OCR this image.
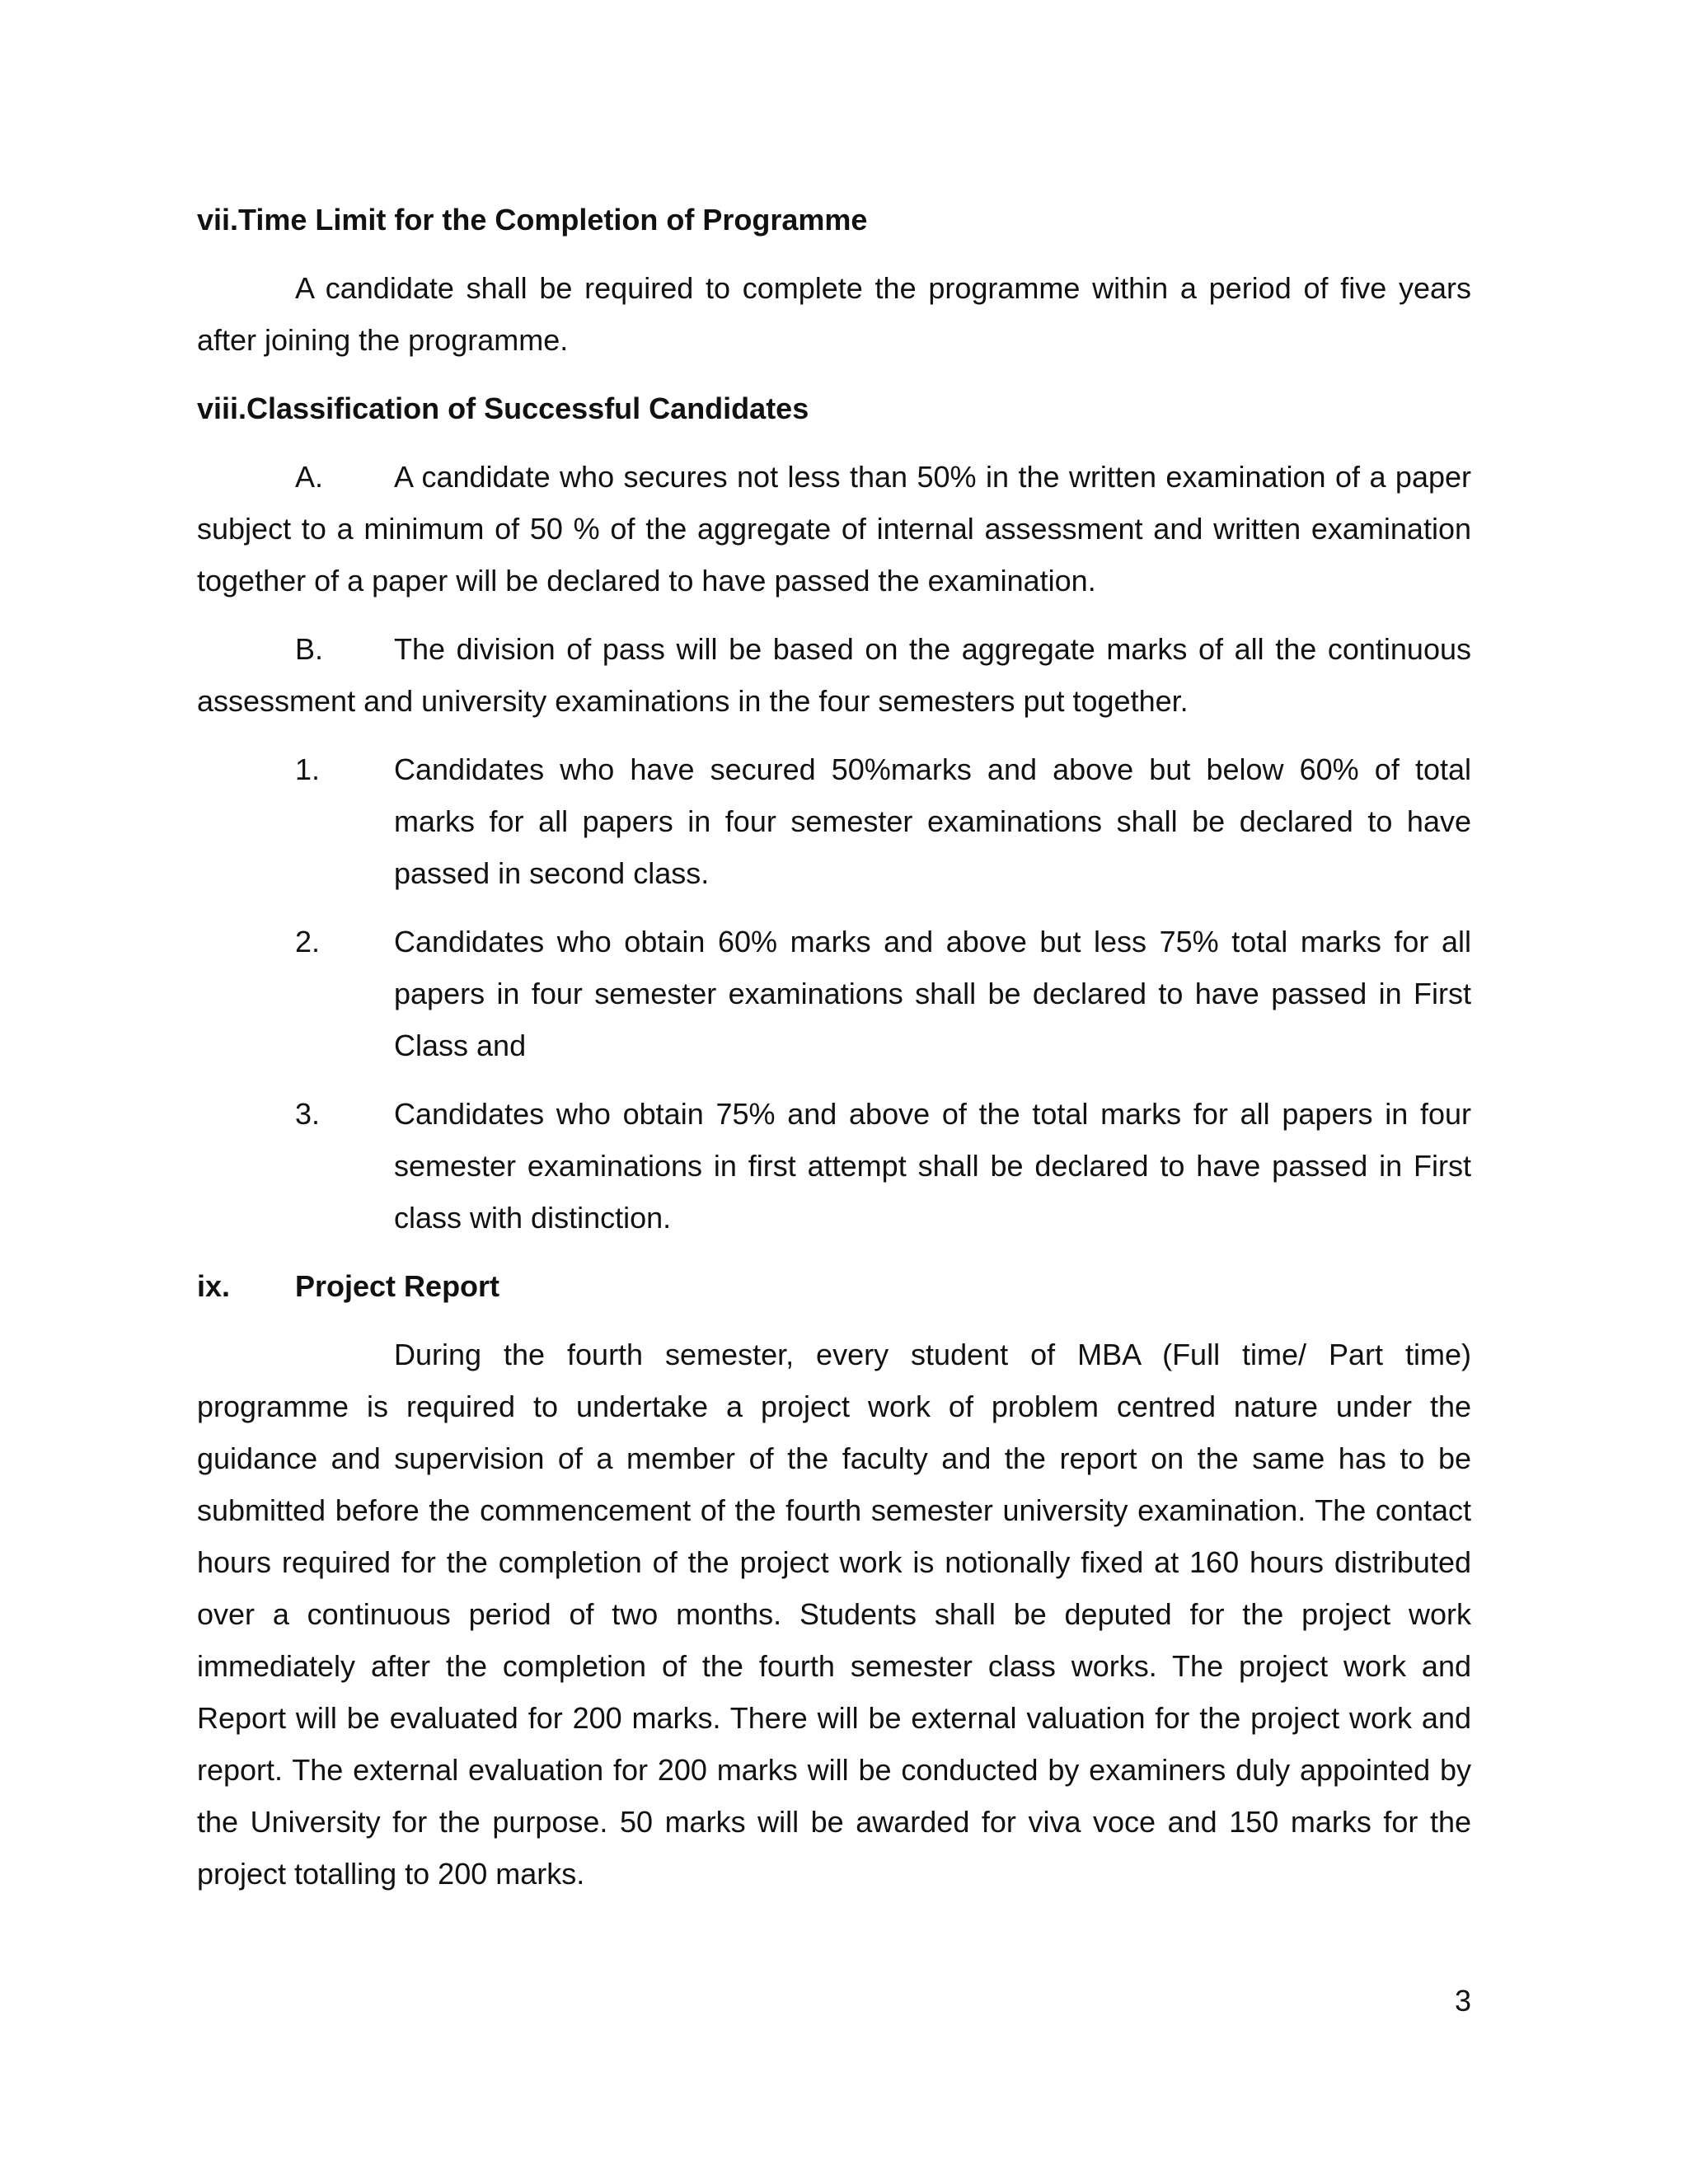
vii.Time Limit for the Completion of Programme
A candidate shall be required to complete the programme within a period of five years after joining the programme.
viii.Classification of Successful Candidates
A. A candidate who secures not less than 50% in the written examination of a paper subject to a minimum of 50 % of the aggregate of internal assessment and written examination together of a paper will be declared to have passed the examination.
B. The division of pass will be based on the aggregate marks of all the continuous assessment and university examinations in the four semesters put together.
1.	Candidates who have secured 50%marks and above but below 60% of total marks for all papers in four semester examinations shall be declared to have passed in second class.
2.	Candidates who obtain 60% marks and above but less 75% total marks for all papers in four semester examinations shall be declared to have passed in First Class and
3.	Candidates who obtain 75% and above of the total marks for all papers in four semester examinations in first attempt shall be declared to have passed in First class with distinction.
ix.	Project Report
During the fourth semester, every student of MBA (Full time/ Part time) programme is required to undertake a project work of problem centred nature under the guidance and supervision of a member of the faculty and the report on the same has to be submitted before the commencement of the fourth semester university examination. The contact hours required for the completion of the project work is notionally fixed at 160 hours distributed over a continuous period of two months. Students shall be deputed for the project work immediately after the completion of the fourth semester class works. The project work and Report will be evaluated for 200 marks. There will be external valuation for the project work and report. The external evaluation for 200 marks will be conducted by examiners duly appointed by the University for the purpose. 50 marks will be awarded for viva voce and 150 marks for the project totalling to 200 marks.
3
